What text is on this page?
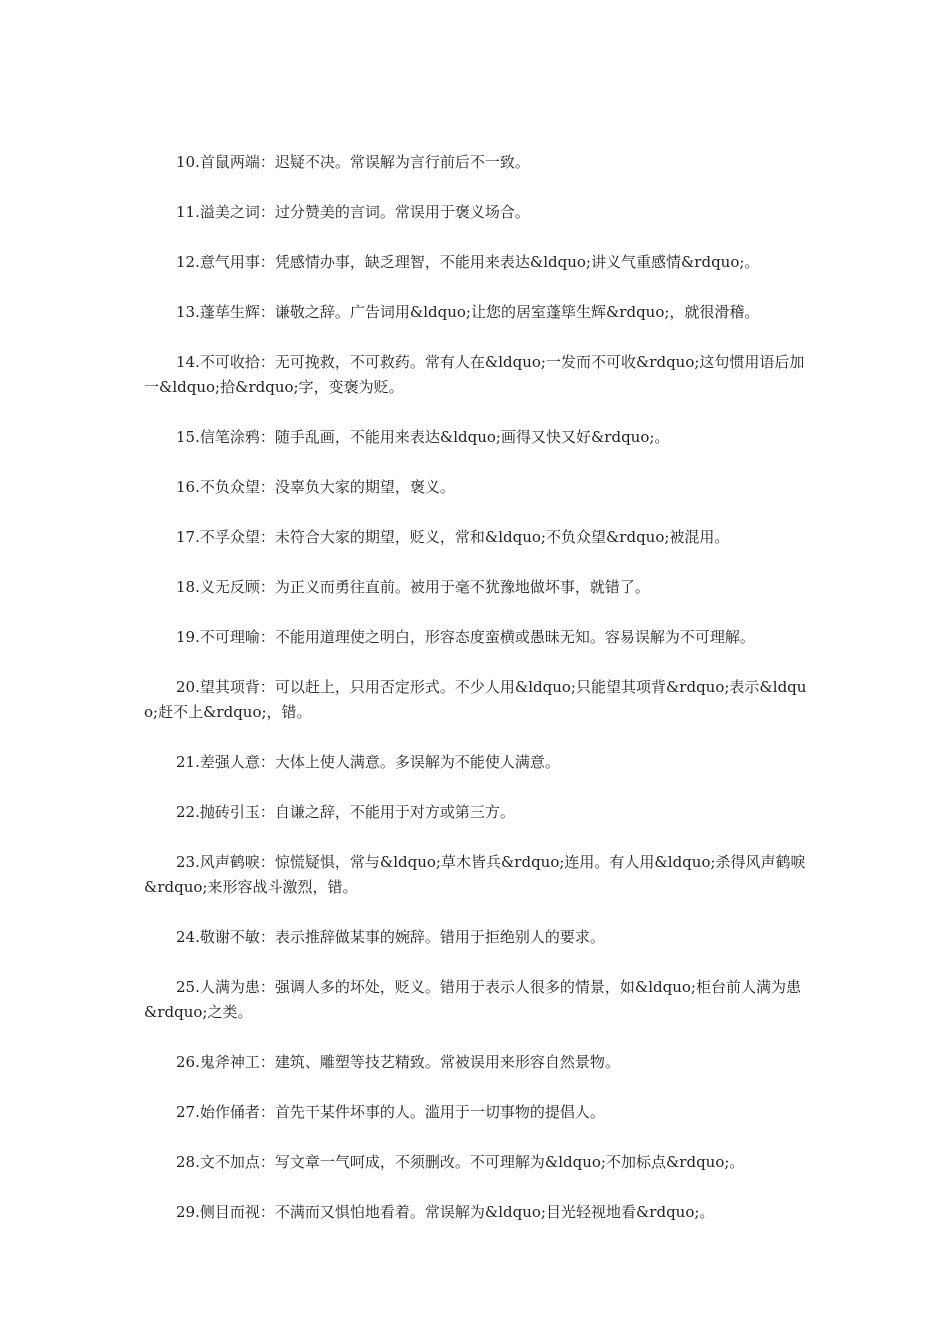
10.首鼠两端：迟疑不决。常误解为言行前后不一致。

11.溢美之词：过分赞美的言词。常误用于褒义场合。

12.意气用事：凭感情办事，缺乏理智，不能用来表达&ldquo;讲义气重感情&rdquo;。

13.蓬荜生辉：谦敬之辞。广告词用&ldquo;让您的居室蓬筚生辉&rdquo;，就很滑稽。

14.不可收拾：无可挽救，不可救药。常有人在&ldquo;一发而不可收&rdquo;这句惯用语后加一&ldquo;拾&rdquo;字，变褒为贬。

15.信笔涂鸦：随手乱画，不能用来表达&ldquo;画得又快又好&rdquo;。

16.不负众望：没辜负大家的期望，褒义。

17.不孚众望：未符合大家的期望，贬义，常和&ldquo;不负众望&rdquo;被混用。

18.义无反顾：为正义而勇往直前。被用于毫不犹豫地做坏事，就错了。

19.不可理喻：不能用道理使之明白，形容态度蛮横或愚昧无知。容易误解为不可理解。

20.望其项背：可以赶上，只用否定形式。不少人用&ldquo;只能望其项背&rdquo;表示&ldquo;赶不上&rdquo;，错。

21.差强人意：大体上使人满意。多误解为不能使人满意。

22.抛砖引玉：自谦之辞，不能用于对方或第三方。

23.风声鹤唳：惊慌疑惧，常与&ldquo;草木皆兵&rdquo;连用。有人用&ldquo;杀得风声鹤唳&rdquo;来形容战斗激烈，错。

24.敬谢不敏：表示推辞做某事的婉辞。错用于拒绝别人的要求。

25.人满为患：强调人多的坏处，贬义。错用于表示人很多的情景，如&ldquo;柜台前人满为患&rdquo;之类。

26.鬼斧神工：建筑、雕塑等技艺精致。常被误用来形容自然景物。

27.始作俑者：首先干某件坏事的人。滥用于一切事物的提倡人。

28.文不加点：写文章一气呵成，不须删改。不可理解为&ldquo;不加标点&rdquo;。

29.侧目而视：不满而又惧怕地看着。常误解为&ldquo;目光轻视地看&rdquo;。
